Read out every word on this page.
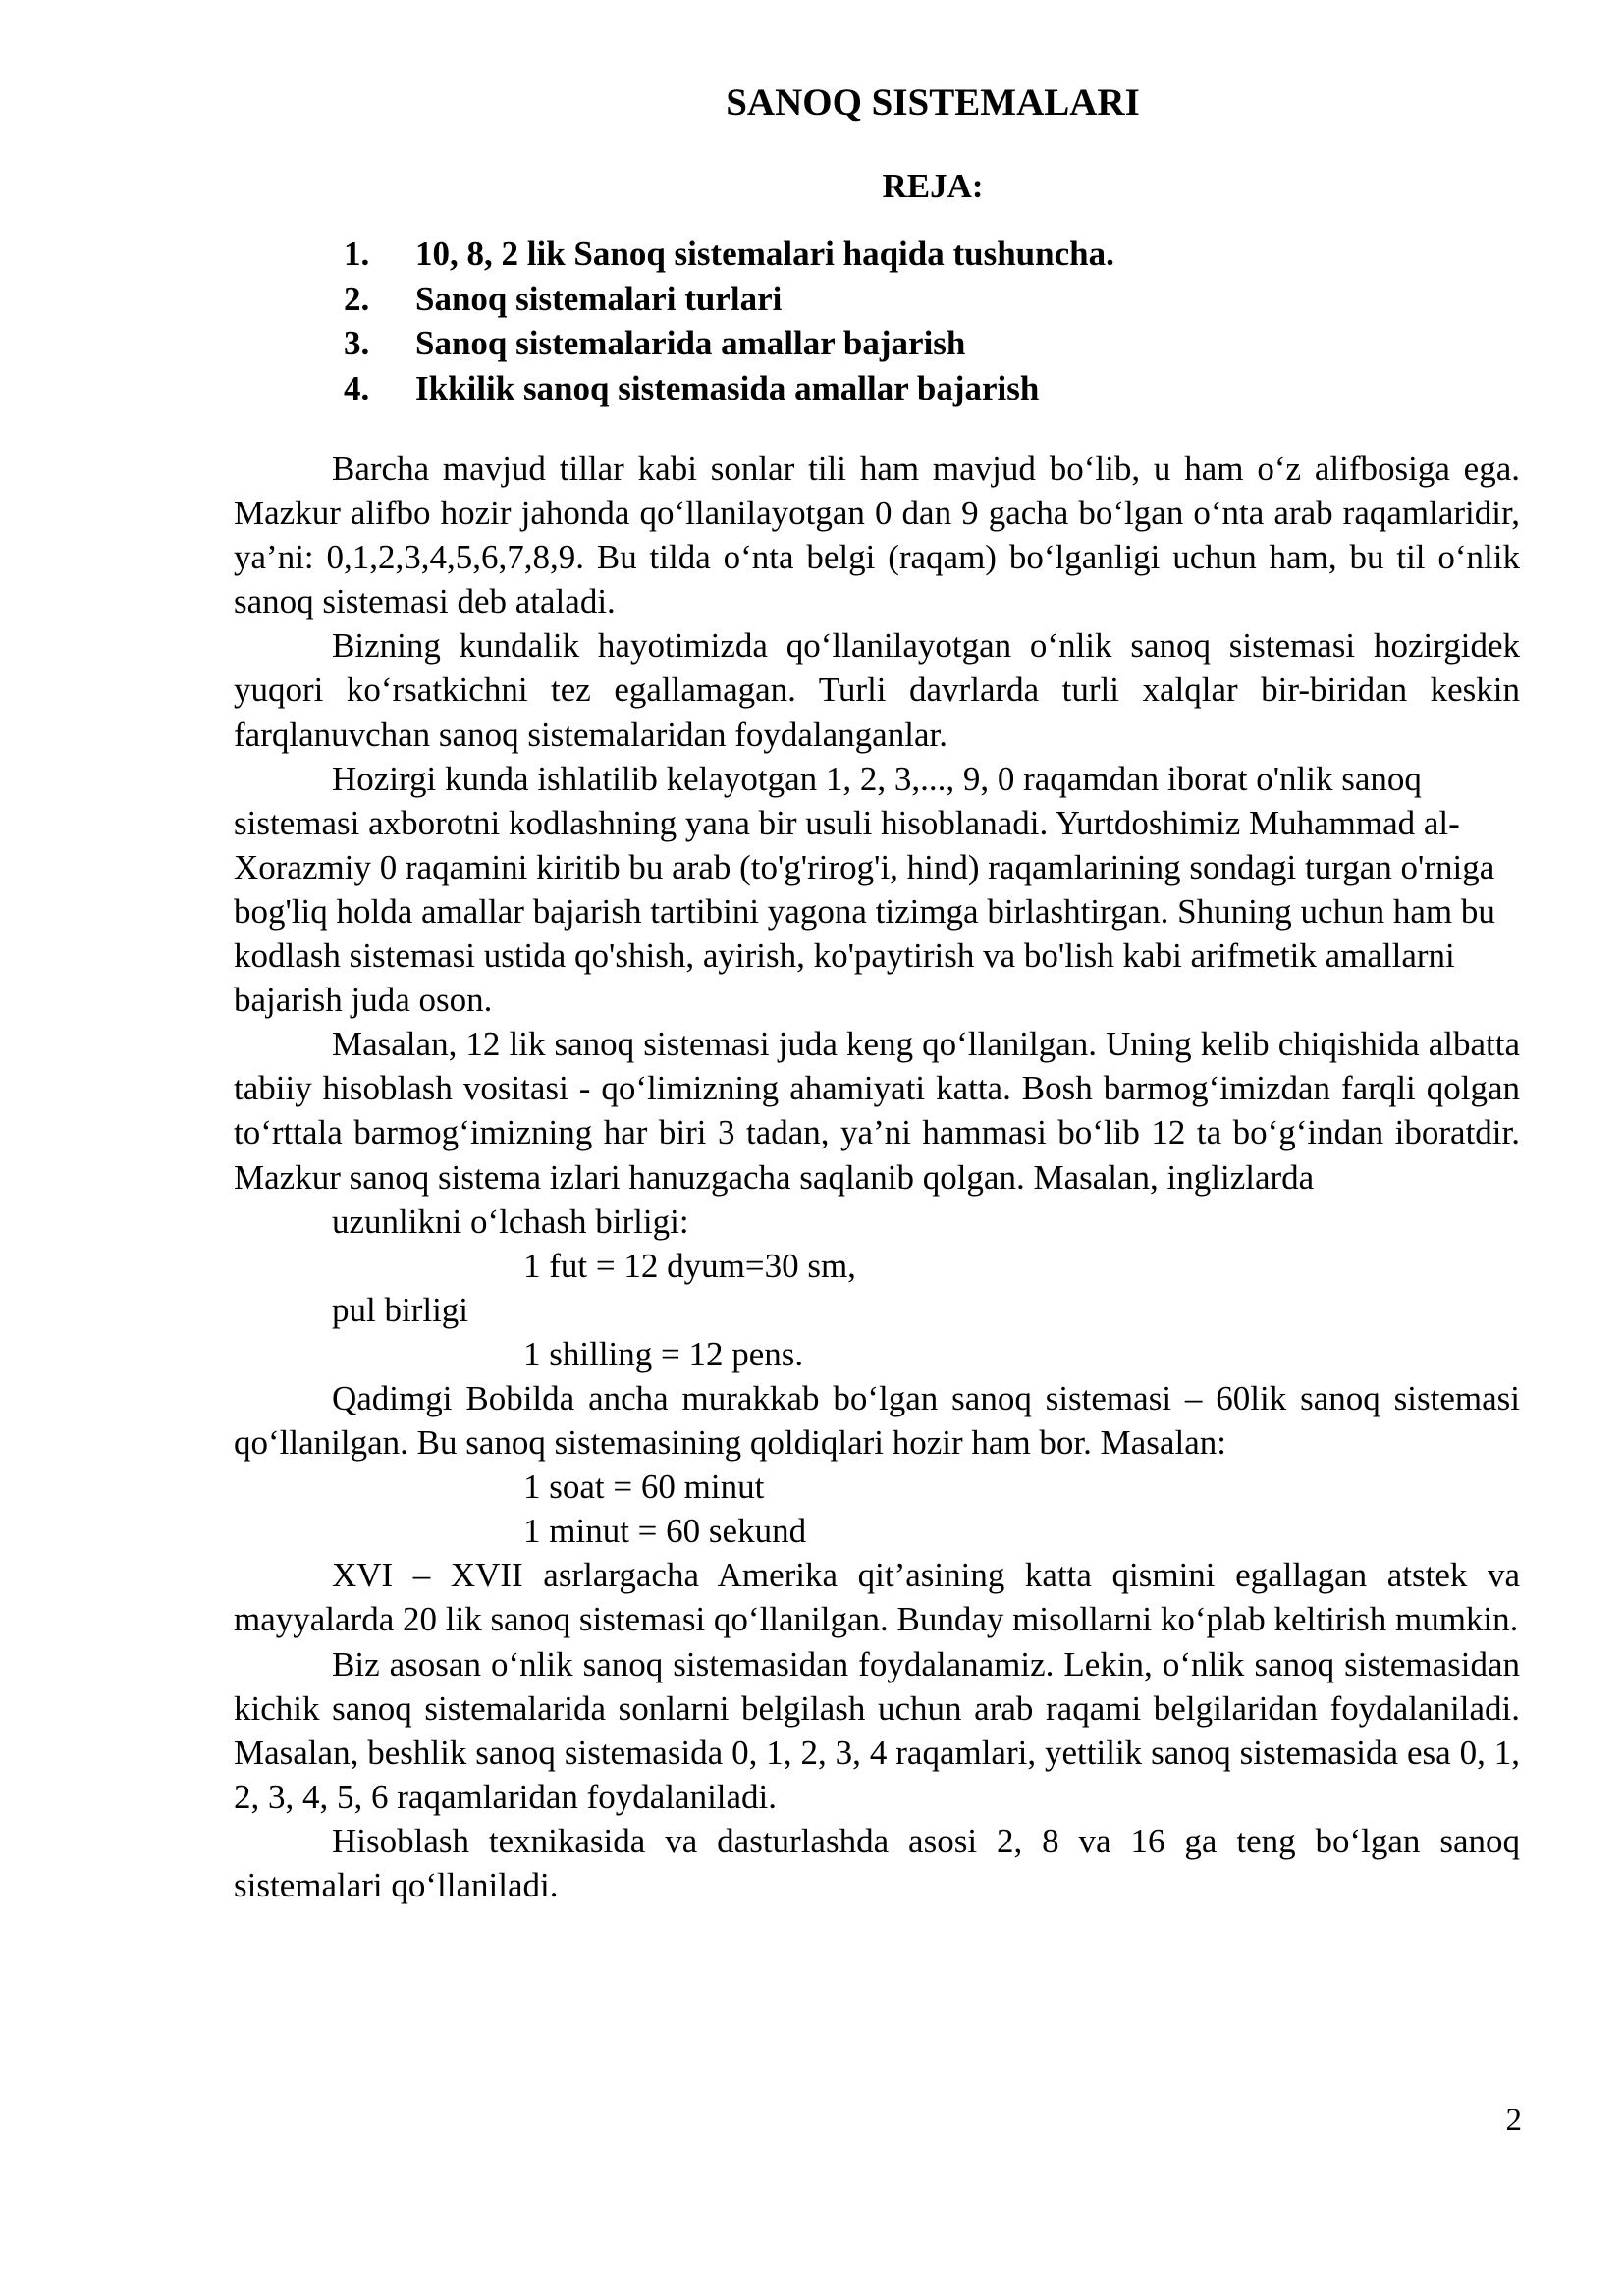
SANOQ SISTEMALARI
REJA:
1. 10, 8, 2 lik Sanoq sistemalari haqida tushuncha.
2. Sanoq sistemalari turlari
3. Sanoq sistemalarida amallar bajarish
4. Ikkilik sanoq sistemasida amallar bajarish

Barcha mavjud tillar kabi sonlar tili ham mavjud bo‘lib, u ham o‘z alifbosiga ega. Mazkur alifbo hozir jahonda qo‘llanilayotgan 0 dan 9 gacha bo‘lgan o‘nta arab raqamlaridir, ya’ni: 0,1,2,3,4,5,6,7,8,9. Bu tilda o‘nta belgi (raqam) bo‘lganligi uchun ham, bu til o‘nlik sanoq sistemasi deb ataladi.

Bizning kundalik hayotimizda qo‘llanilayotgan o‘nlik sanoq sistemasi hozirgidek yuqori ko‘rsatkichni tez egallamagan. Turli davrlarda turli xalqlar bir-biridan keskin farqlanuvchan sanoq sistemalaridan foydalanganlar.

Hozirgi kunda ishlatilib kelayotgan 1, 2, 3,..., 9, 0 raqamdan iborat o'nlik sanoq sistemasi axborotni kodlashning yana bir usuli hisoblanadi. Yurtdoshimiz Muhammad al-Xorazmiy 0 raqamini kiritib bu arab (to'g'rirog'i, hind) raqamlarining sondagi turgan o'rniga bog'liq holda amallar bajarish tartibini yagona tizimga birlashtirgan. Shuning uchun ham bu kodlash sistemasi ustida qo'shish, ayirish, ko'paytirish va bo'lish kabi arifmetik amallarni bajarish juda oson.

Masalan, 12 lik sanoq sistemasi juda keng qo‘llanilgan. Uning kelib chiqishida albatta tabiiy hisoblash vositasi - qo‘limizning ahamiyati katta. Bosh barmog‘imizdan farqli qolgan to‘rttala barmog‘imizning har biri 3 tadan, ya’ni hammasi bo‘lib 12 ta bo‘g‘indan iboratdir. Mazkur sanoq sistema izlari hanuzgacha saqlanib qolgan. Masalan, inglizlarda

uzunlikni o‘lchash birligi:
1 fut = 12 dyum=30 sm,
pul birligi
1 shilling = 12 pens.

Qadimgi Bobilda ancha murakkab bo‘lgan sanoq sistemasi – 60lik sanoq sistemasi qo‘llanilgan. Bu sanoq sistemasining qoldiqlari hozir ham bor. Masalan:

1 soat = 60 minut
1 minut = 60 sekund

XVI – XVII asrlargacha Amerika qit’asining katta qismini egallagan atstek va mayyalarda 20 lik sanoq sistemasi qo‘llanilgan. Bunday misollarni ko‘plab keltirish mumkin.

Biz asosan o‘nlik sanoq sistemasidan foydalanamiz. Lekin, o‘nlik sanoq sistemasidan kichik sanoq sistemalarida sonlarni belgilash uchun arab raqami belgilaridan foydalaniladi. Masalan, beshlik sanoq sistemasida 0, 1, 2, 3, 4 raqamlari, yettilik sanoq sistemasida esa 0, 1, 2, 3, 4, 5, 6 raqamlaridan foydalaniladi.

Hisoblash texnikasida va dasturlashda asosi 2, 8 va 16 ga teng bo‘lgan sanoq sistemalari qo‘llaniladi.

2
